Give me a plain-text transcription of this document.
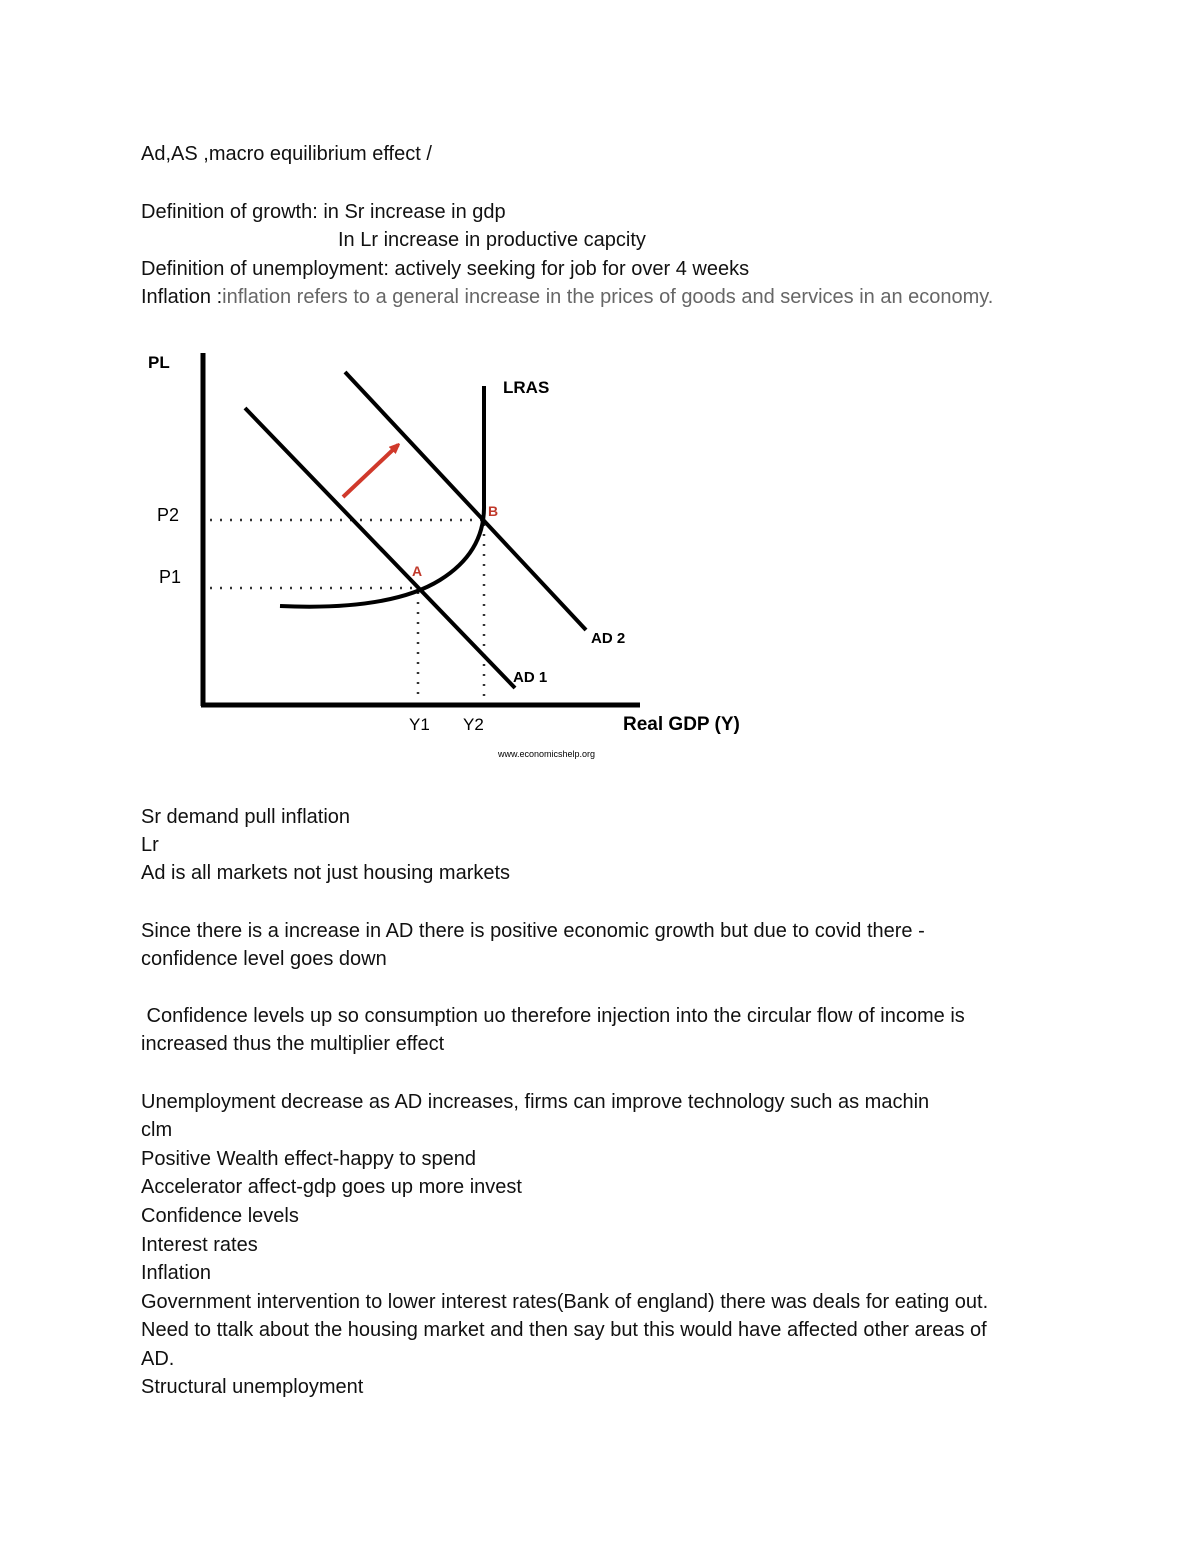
Ad,AS ,macro equilibrium effect /

Definition of growth: in Sr increase in gdp

In Lr increase in productive capcity

Definition of unemployment: actively seeking for job for over 4 weeks

Inflation :inflation refers to a general increase in the prices of goods and services in an economy.

PL
Real GDP (Y)
LRAS
P2
P1
Y1 Y2
AD 2
AD 1
A
B
www.economicshelp.org

Sr demand pull inflation

Lr

Ad is all markets not just housing markets

Since there is a increase in AD there is positive economic growth but due to covid there -

confidence level goes down

Confidence levels up so consumption uo therefore injection into the circular flow of income is

increased thus the multiplier effect

Unemployment decrease as AD increases, firms can improve technology such as machin

clm

Positive Wealth effect-happy to spend

Accelerator affect-gdp goes up more invest

Confidence levels

Interest rates

Inflation

Government intervention to lower interest rates(Bank of england) there was deals for eating out.

Need to ttalk about the housing market and then say but this would have affected other areas of

AD.

Structural unemployment
